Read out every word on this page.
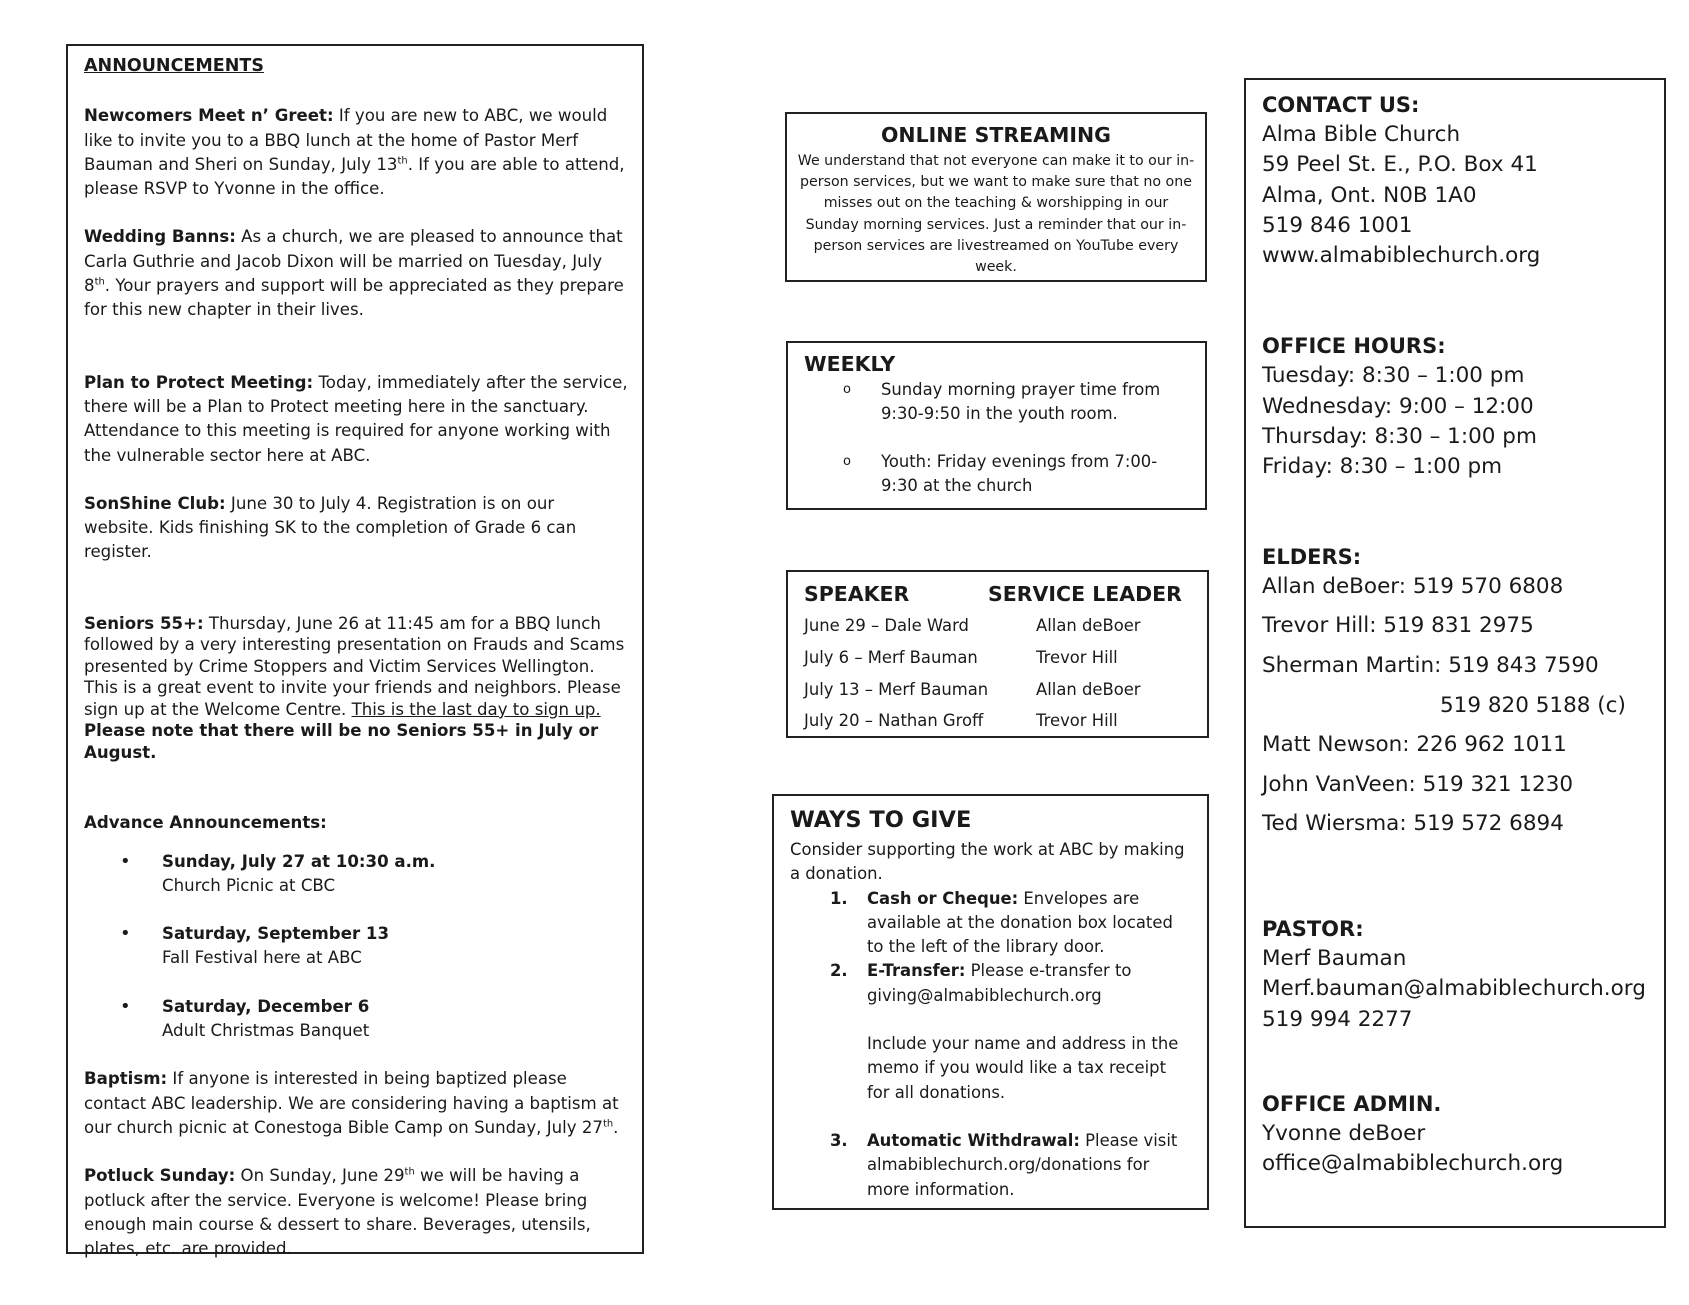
ANNOUNCEMENTS

Newcomers Meet n’ Greet: If you are new to ABC, we would like to invite you to a BBQ lunch at the home of Pastor Merf Bauman and Sheri on Sunday, July 13th. If you are able to attend, please RSVP to Yvonne in the office.

Wedding Banns: As a church, we are pleased to announce that Carla Guthrie and Jacob Dixon will be married on Tuesday, July 8th. Your prayers and support will be appreciated as they prepare for this new chapter in their lives.

Plan to Protect Meeting: Today, immediately after the service, there will be a Plan to Protect meeting here in the sanctuary. Attendance to this meeting is required for anyone working with the vulnerable sector here at ABC.

SonShine Club: June 30 to July 4. Registration is on our website. Kids finishing SK to the completion of Grade 6 can register.

Seniors 55+: Thursday, June 26 at 11:45 am for a BBQ lunch followed by a very interesting presentation on Frauds and Scams presented by Crime Stoppers and Victim Services Wellington. This is a great event to invite your friends and neighbors. Please sign up at the Welcome Centre. This is the last day to sign up.
Please note that there will be no Seniors 55+ in July or August.

Advance Announcements:

• Sunday, July 27 at 10:30 a.m.
Church Picnic at CBC
• Saturday, September 13
Fall Festival here at ABC
• Saturday, December 6
Adult Christmas Banquet

Baptism: If anyone is interested in being baptized please contact ABC leadership. We are considering having a baptism at our church picnic at Conestoga Bible Camp on Sunday, July 27th.

Potluck Sunday: On Sunday, June 29th we will be having a potluck after the service. Everyone is welcome! Please bring enough main course & dessert to share. Beverages, utensils, plates, etc. are provided.

ONLINE STREAMING
We understand that not everyone can make it to our in-person services, but we want to make sure that no one misses out on the teaching & worshipping in our Sunday morning services. Just a reminder that our in-person services are livestreamed on YouTube every week.
WEEKLY
o Sunday morning prayer time from 9:30-9:50 in the youth room.
o Youth: Friday evenings from 7:00-9:30 at the church
SPEAKER	SERVICE LEADER
June 29 – Dale Ward	Allan deBoer
July 6 – Merf Bauman	Trevor Hill
July 13 – Merf Bauman	Allan deBoer
July 20 – Nathan Groff	Trevor Hill
WAYS TO GIVE
Consider supporting the work at ABC by making a donation.
1. Cash or Cheque: Envelopes are available at the donation box located to the left of the library door.
2. E-Transfer: Please e-transfer to giving@almabiblechurch.org
Include your name and address in the memo if you would like a tax receipt for all donations.
3. Automatic Withdrawal: Please visit almabiblechurch.org/donations for more information.
CONTACT US:
Alma Bible Church
59 Peel St. E., P.O. Box 41
Alma, Ont. N0B 1A0
519 846 1001
www.almabiblechurch.org
OFFICE HOURS:
Tuesday: 8:30 – 1:00 pm
Wednesday: 9:00 – 12:00
Thursday: 8:30 – 1:00 pm
Friday: 8:30 – 1:00 pm
ELDERS:
Allan deBoer: 519 570 6808
Trevor Hill: 519 831 2975
Sherman Martin: 519 843 7590
519 820 5188 (c)
Matt Newson: 226 962 1011
John VanVeen: 519 321 1230
Ted Wiersma: 519 572 6894
PASTOR:
Merf Bauman
Merf.bauman@almabiblechurch.org
519 994 2277
OFFICE ADMIN.
Yvonne deBoer
office@almabiblechurch.org
